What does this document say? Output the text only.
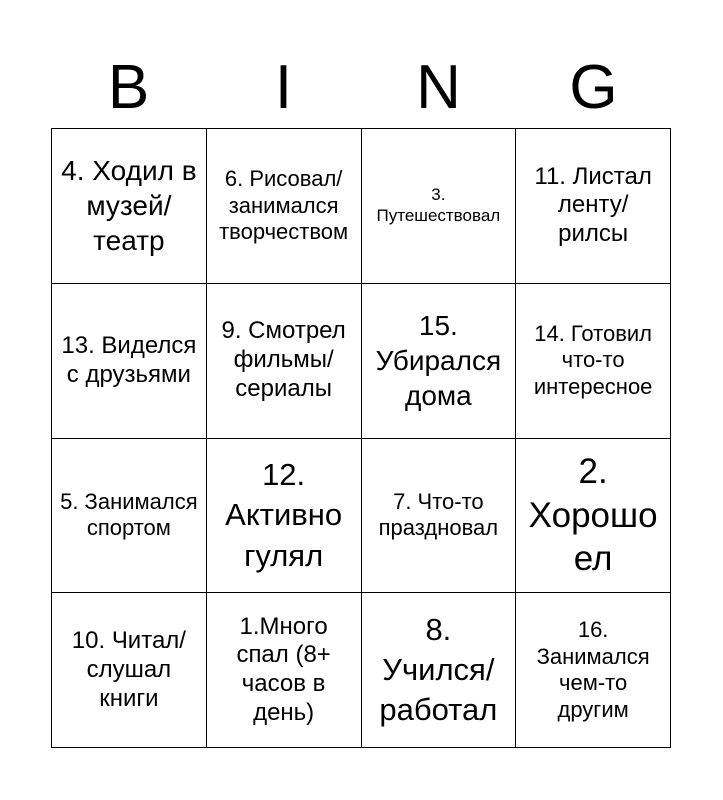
B	I	N	G
4. Ходил в музей/ театр
6. Рисовал/ занимался творчеством
3. Путешествовал
11. Листал ленту/ рилсы
13. Виделся с друзьями
9. Смотрел фильмы/ сериалы
15. Убирался дома
14. Готовил что-то интересное
5. Занимался спортом
12. Активно гулял
7. Что-то праздновал
2. Хорошо ел
10. Читал/ слушал книги
1.Много спал (8+ часов в день)
8. Учился/ работал
16. Занимался чем-то другим
